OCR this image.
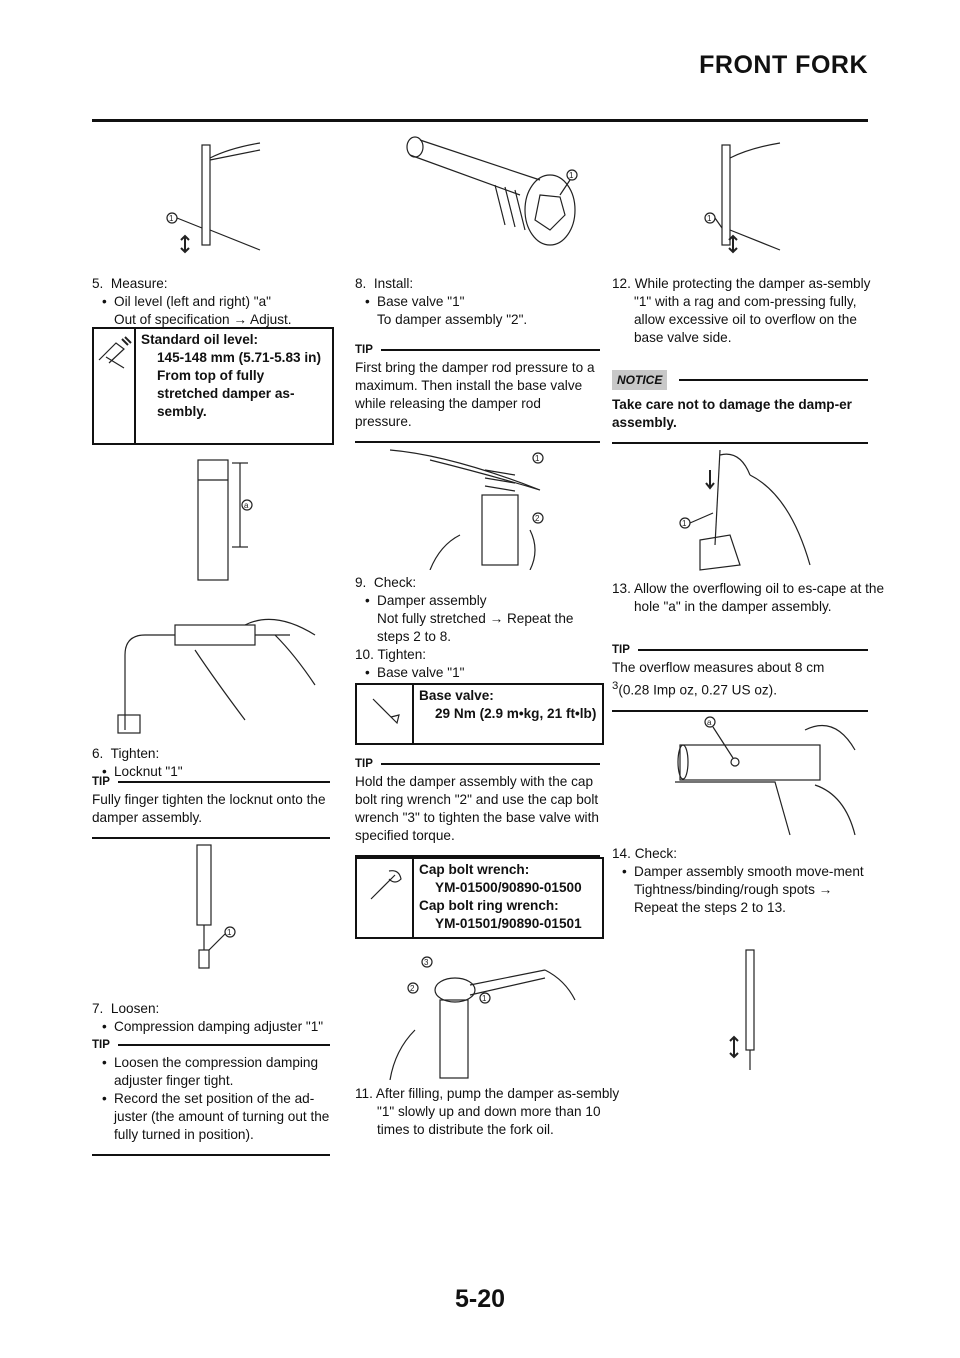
FRONT FORK
1
5. Measure:
• Oil level (left and right) "a"
Out of specification → Adjust.
Standard oil level:
145-148 mm (5.71-5.83 in)
From top of fully stretched damper as-sembly.
a
6. Tighten:
• Locknut "1"
TIP
Fully finger tighten the locknut onto the damper assembly.
1
7. Loosen:
• Compression damping adjuster "1"
TIP
• Loosen the compression damping adjuster finger tight.
• Record the set position of the ad-juster (the amount of turning out the fully turned in position).
1
8. Install:
• Base valve "1"
To damper assembly "2".
TIP
First bring the damper rod pressure to a maximum. Then install the base valve while releasing the damper rod pressure.
1
2
9. Check:
• Damper assembly
Not fully stretched → Repeat the steps 2 to 8.
10. Tighten:
• Base valve "1"
Base valve:
29 Nm (2.9 m•kg, 21 ft•lb)
TIP
Hold the damper assembly with the cap bolt ring wrench "2" and use the cap bolt wrench "3" to tighten the base valve with specified torque.
Cap bolt wrench:
YM-01500/90890-01500
Cap bolt ring wrench:
YM-01501/90890-01501
3
2
1
11. After filling, pump the damper as-sembly "1" slowly up and down more than 10 times to distribute the fork oil.
1
12. While protecting the damper as-sembly "1" with a rag and com-pressing fully, allow excessive oil to overflow on the base valve side.
NOTICE
Take care not to damage the damp-er assembly.
1
13. Allow the overflowing oil to es-cape at the hole "a" in the damper assembly.
TIP
The overflow measures about 8 cm
$^3$(0.28 Imp oz, 0.27 US oz).
a
14. Check:
• Damper assembly smooth move-ment
Tightness/binding/rough spots → Repeat the steps 2 to 13.
5-20
